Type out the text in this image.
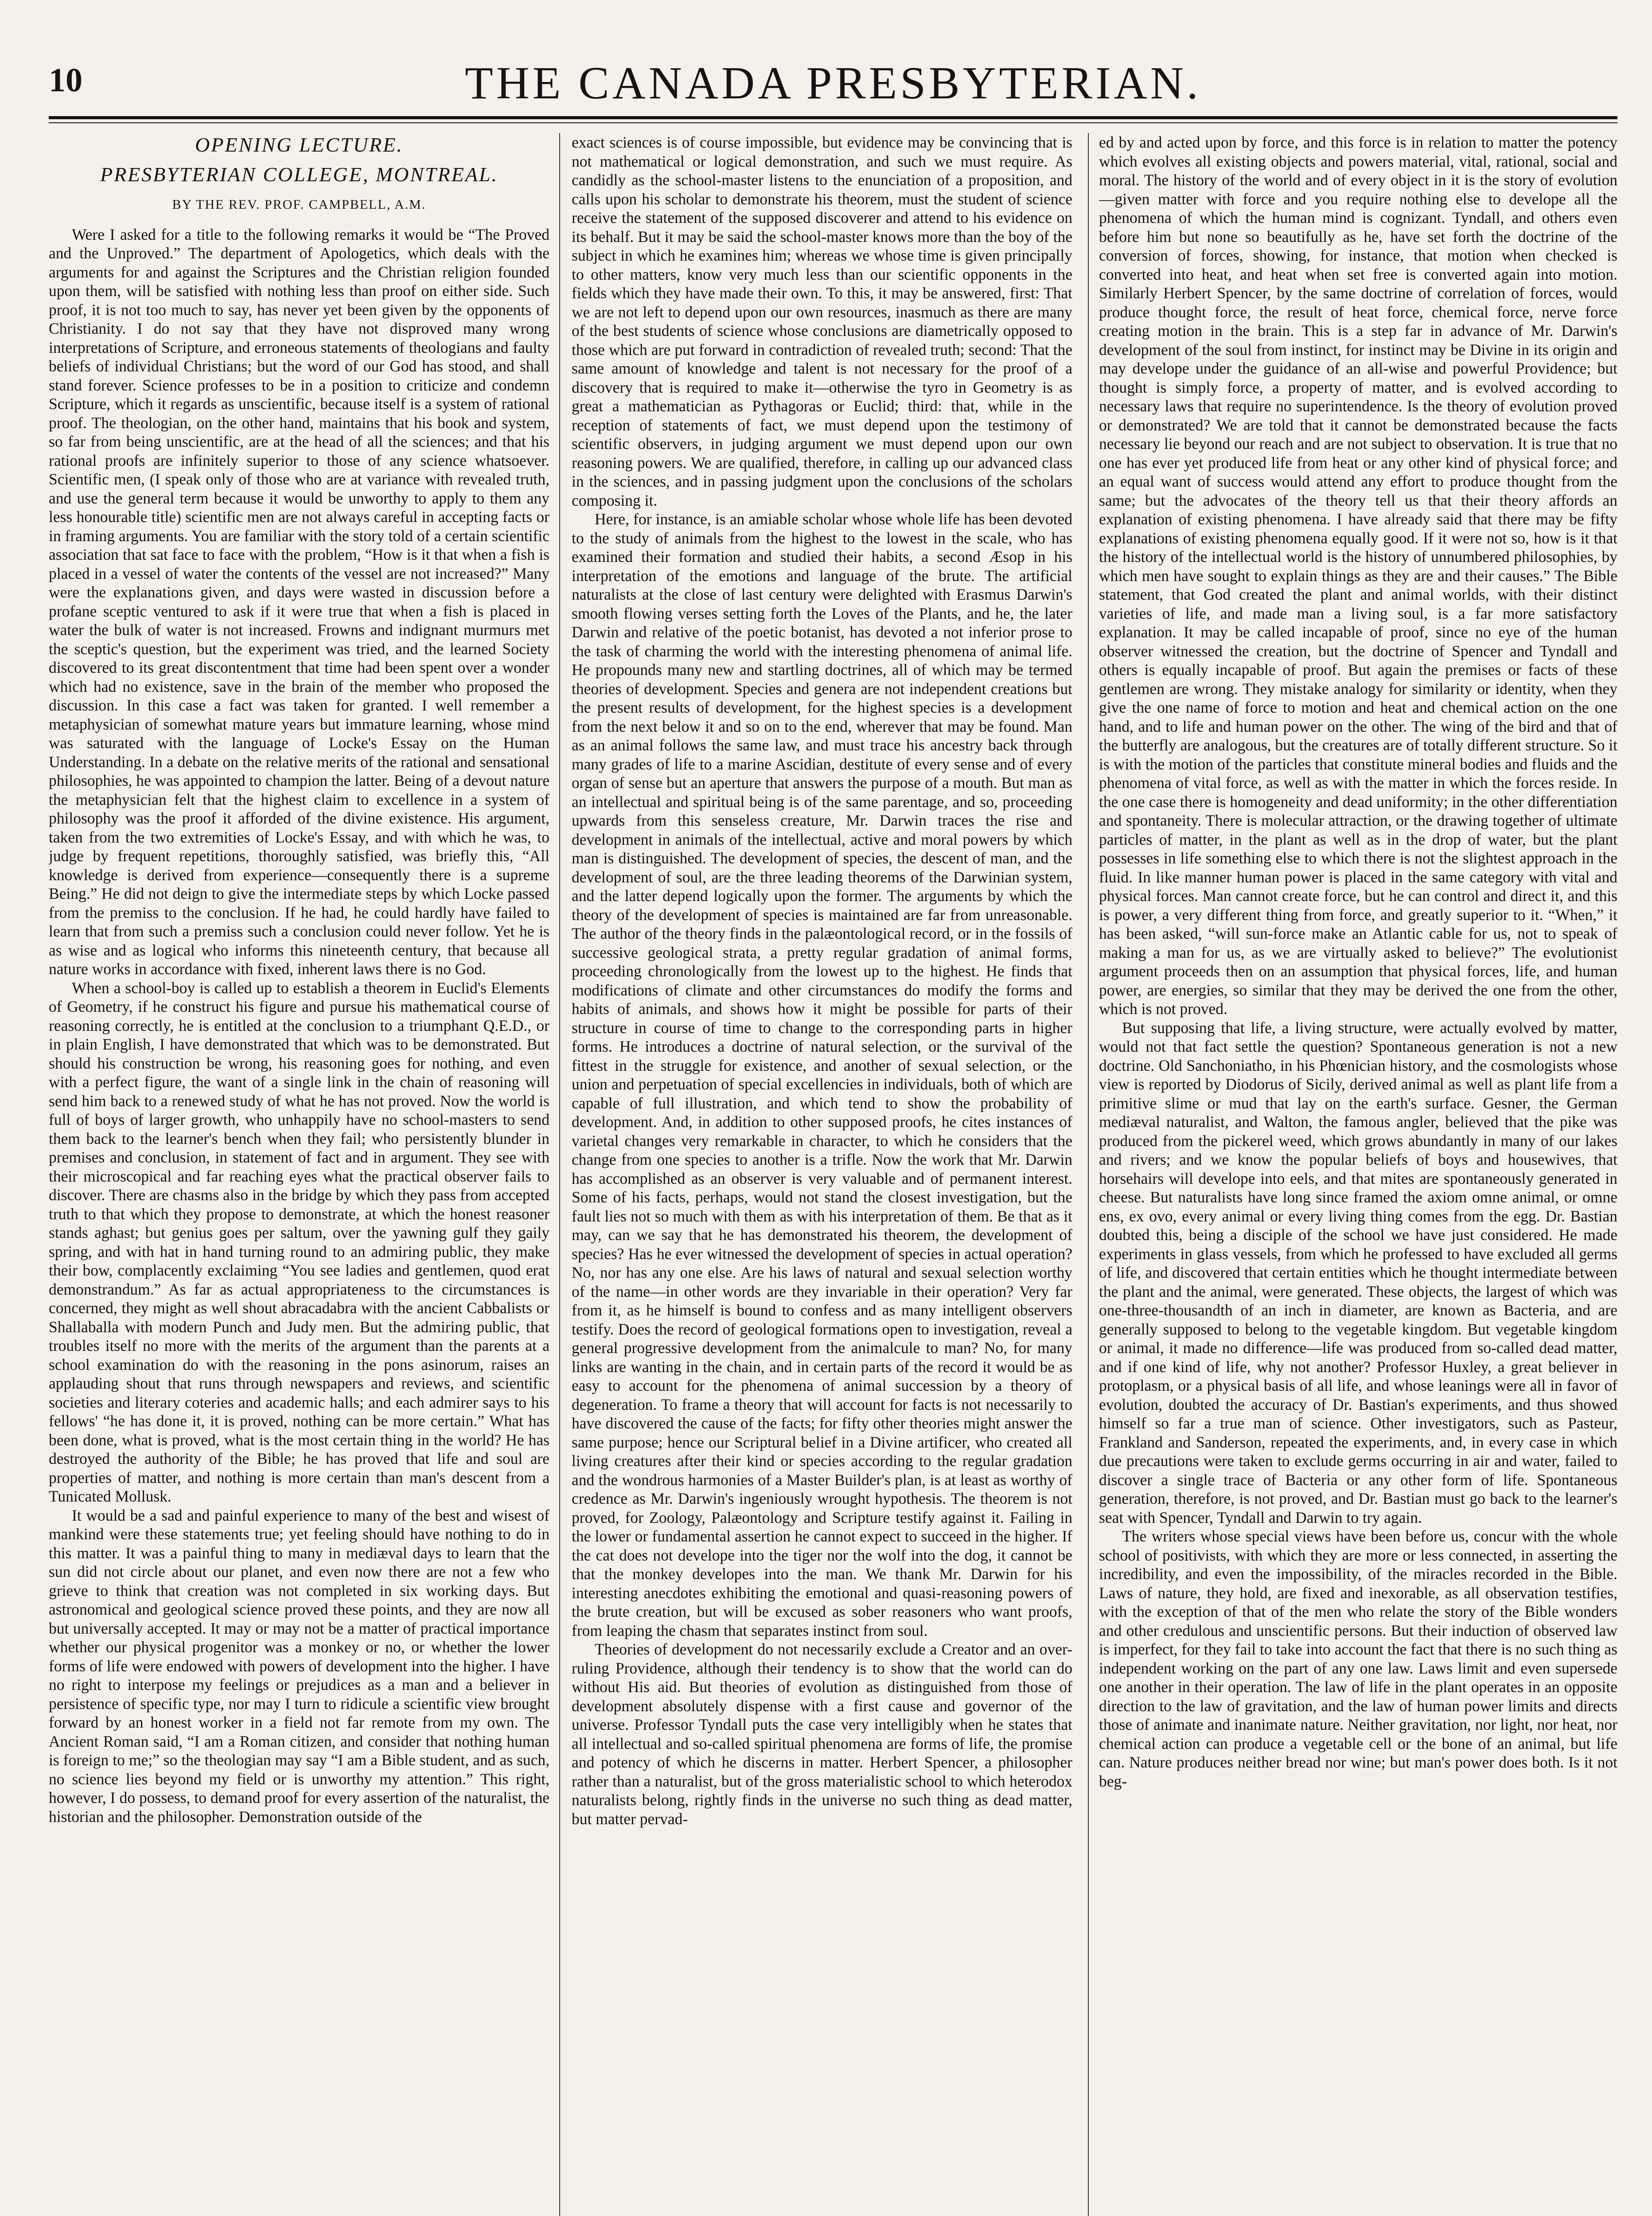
10	THE CANADA PRESBYTERIAN.
OPENING LECTURE.
PRESBYTERIAN COLLEGE, MONTREAL.
BY THE REV. PROF. CAMPBELL, A.M.

Were I asked for a title to the following remarks it would be “The Proved and the Unproved.” The department of Apologetics, which deals with the arguments for and against the Scriptures and the Christian religion founded upon them, will be satisfied with nothing less than proof on either side. Such proof, it is not too much to say, has never yet been given by the opponents of Christianity. I do not say that they have not disproved many wrong interpretations of Scripture, and erroneous statements of theologians and faulty beliefs of individual Christians; but the word of our God has stood, and shall stand forever. Science professes to be in a position to criticize and condemn Scripture, which it regards as unscientific, because itself is a system of rational proof. The theologian, on the other hand, maintains that his book and system, so far from being unscientific, are at the head of all the sciences; and that his rational proofs are infinitely superior to those of any science whatsoever. Scientific men, (I speak only of those who are at variance with revealed truth, and use the general term because it would be unworthy to apply to them any less honourable title) scientific men are not always careful in accepting facts or in framing arguments. You are familiar with the story told of a certain scientific association that sat face to face with the problem, “How is it that when a fish is placed in a vessel of water the contents of the vessel are not increased?” Many were the explanations given, and days were wasted in discussion before a profane sceptic ventured to ask if it were true that when a fish is placed in water the bulk of water is not increased. Frowns and indignant murmurs met the sceptic's question, but the experiment was tried, and the learned Society discovered to its great discontentment that time had been spent over a wonder which had no existence, save in the brain of the member who proposed the discussion. In this case a fact was taken for granted. I well remember a metaphysician of somewhat mature years but immature learning, whose mind was saturated with the language of Locke's Essay on the Human Understanding. In a debate on the relative merits of the rational and sensational philosophies, he was appointed to champion the latter. Being of a devout nature the metaphysician felt that the highest claim to excellence in a system of philosophy was the proof it afforded of the divine existence. His argument, taken from the two extremities of Locke's Essay, and with which he was, to judge by frequent repetitions, thoroughly satisfied, was briefly this, “All knowledge is derived from experience—consequently there is a supreme Being.” He did not deign to give the intermediate steps by which Locke passed from the premiss to the conclusion. If he had, he could hardly have failed to learn that from such a premiss such a conclusion could never follow. Yet he is as wise and as logical who informs this nineteenth century, that because all nature works in accordance with fixed, inherent laws there is no God.

When a school-boy is called up to establish a theorem in Euclid's Elements of Geometry, if he construct his figure and pursue his mathematical course of reasoning correctly, he is entitled at the conclusion to a triumphant Q.E.D., or in plain English, I have demonstrated that which was to be demonstrated. But should his construction be wrong, his reasoning goes for nothing, and even with a perfect figure, the want of a single link in the chain of reasoning will send him back to a renewed study of what he has not proved. Now the world is full of boys of larger growth, who unhappily have no school-masters to send them back to the learner's bench when they fail; who persistently blunder in premises and conclusion, in statement of fact and in argument. They see with their microscopical and far reaching eyes what the practical observer fails to discover. There are chasms also in the bridge by which they pass from accepted truth to that which they propose to demonstrate, at which the honest reasoner stands aghast; but genius goes per saltum, over the yawning gulf they gaily spring, and with hat in hand turning round to an admiring public, they make their bow, complacently exclaiming “You see ladies and gentlemen, quod erat demonstrandum.” As far as actual appropriateness to the circumstances is concerned, they might as well shout abracadabra with the ancient Cabbalists or Shallaballa with modern Punch and Judy men. But the admiring public, that troubles itself no more with the merits of the argument than the parents at a school examination do with the reasoning in the pons asinorum, raises an applauding shout that runs through newspapers and reviews, and scientific societies and literary coteries and academic halls; and each admirer says to his fellows' “he has done it, it is proved, nothing can be more certain.” What has been done, what is proved, what is the most certain thing in the world? He has destroyed the authority of the Bible; he has proved that life and soul are properties of matter, and nothing is more certain than man's descent from a Tunicated Mollusk.

It would be a sad and painful experience to many of the best and wisest of mankind were these statements true; yet feeling should have nothing to do in this matter. It was a painful thing to many in mediæval days to learn that the sun did not circle about our planet, and even now there are not a few who grieve to think that creation was not completed in six working days. But astronomical and geological science proved these points, and they are now all but universally accepted. It may or may not be a matter of practical importance whether our physical progenitor was a monkey or no, or whether the lower forms of life were endowed with powers of development into the higher. I have no right to interpose my feelings or prejudices as a man and a believer in persistence of specific type, nor may I turn to ridicule a scientific view brought forward by an honest worker in a field not far remote from my own. The Ancient Roman said, “I am a Roman citizen, and consider that nothing human is foreign to me;” so the theologian may say “I am a Bible student, and as such, no science lies beyond my field or is unworthy my attention.” This right, however, I do possess, to demand proof for every assertion of the naturalist, the historian and the philosopher. Demonstration outside of the

exact sciences is of course impossible, but evidence may be convincing that is not mathematical or logical demonstration, and such we must require. As candidly as the school-master listens to the enunciation of a proposition, and calls upon his scholar to demonstrate his theorem, must the student of science receive the statement of the supposed discoverer and attend to his evidence on its behalf. But it may be said the school-master knows more than the boy of the subject in which he examines him; whereas we whose time is given principally to other matters, know very much less than our scientific opponents in the fields which they have made their own. To this, it may be answered, first: That we are not left to depend upon our own resources, inasmuch as there are many of the best students of science whose conclusions are diametrically opposed to those which are put forward in contradiction of revealed truth; second: That the same amount of knowledge and talent is not necessary for the proof of a discovery that is required to make it—otherwise the tyro in Geometry is as great a mathematician as Pythagoras or Euclid; third: that, while in the reception of statements of fact, we must depend upon the testimony of scientific observers, in judging argument we must depend upon our own reasoning powers. We are qualified, therefore, in calling up our advanced class in the sciences, and in passing judgment upon the conclusions of the scholars composing it.

Here, for instance, is an amiable scholar whose whole life has been devoted to the study of animals from the highest to the lowest in the scale, who has examined their formation and studied their habits, a second Æsop in his interpretation of the emotions and language of the brute. The artificial naturalists at the close of last century were delighted with Erasmus Darwin's smooth flowing verses setting forth the Loves of the Plants, and he, the later Darwin and relative of the poetic botanist, has devoted a not inferior prose to the task of charming the world with the interesting phenomena of animal life. He propounds many new and startling doctrines, all of which may be termed theories of development. Species and genera are not independent creations but the present results of development, for the highest species is a development from the next below it and so on to the end, wherever that may be found. Man as an animal follows the same law, and must trace his ancestry back through many grades of life to a marine Ascidian, destitute of every sense and of every organ of sense but an aperture that answers the purpose of a mouth. But man as an intellectual and spiritual being is of the same parentage, and so, proceeding upwards from this senseless creature, Mr. Darwin traces the rise and development in animals of the intellectual, active and moral powers by which man is distinguished. The development of species, the descent of man, and the development of soul, are the three leading theorems of the Darwinian system, and the latter depend logically upon the former. The arguments by which the theory of the development of species is maintained are far from unreasonable. The author of the theory finds in the palæontological record, or in the fossils of successive geological strata, a pretty regular gradation of animal forms, proceeding chronologically from the lowest up to the highest. He finds that modifications of climate and other circumstances do modify the forms and habits of animals, and shows how it might be possible for parts of their structure in course of time to change to the corresponding parts in higher forms. He introduces a doctrine of natural selection, or the survival of the fittest in the struggle for existence, and another of sexual selection, or the union and perpetuation of special excellencies in individuals, both of which are capable of full illustration, and which tend to show the probability of development. And, in addition to other supposed proofs, he cites instances of varietal changes very remarkable in character, to which he considers that the change from one species to another is a trifle. Now the work that Mr. Darwin has accomplished as an observer is very valuable and of permanent interest. Some of his facts, perhaps, would not stand the closest investigation, but the fault lies not so much with them as with his interpretation of them. Be that as it may, can we say that he has demonstrated his theorem, the development of species? Has he ever witnessed the development of species in actual operation? No, nor has any one else. Are his laws of natural and sexual selection worthy of the name—in other words are they invariable in their operation? Very far from it, as he himself is bound to confess and as many intelligent observers testify. Does the record of geological formations open to investigation, reveal a general progressive development from the animalcule to man? No, for many links are wanting in the chain, and in certain parts of the record it would be as easy to account for the phenomena of animal succession by a theory of degeneration. To frame a theory that will account for facts is not necessarily to have discovered the cause of the facts; for fifty other theories might answer the same purpose; hence our Scriptural belief in a Divine artificer, who created all living creatures after their kind or species according to the regular gradation and the wondrous harmonies of a Master Builder's plan, is at least as worthy of credence as Mr. Darwin's ingeniously wrought hypothesis. The theorem is not proved, for Zoology, Palæontology and Scripture testify against it. Failing in the lower or fundamental assertion he cannot expect to succeed in the higher. If the cat does not develope into the tiger nor the wolf into the dog, it cannot be that the monkey developes into the man. We thank Mr. Darwin for his interesting anecdotes exhibiting the emotional and quasi-reasoning powers of the brute creation, but will be excused as sober reasoners who want proofs, from leaping the chasm that separates instinct from soul.

Theories of development do not necessarily exclude a Creator and an over-ruling Providence, although their tendency is to show that the world can do without His aid. But theories of evolution as distinguished from those of development absolutely dispense with a first cause and governor of the universe. Professor Tyndall puts the case very intelligibly when he states that all intellectual and so-called spiritual phenomena are forms of life, the promise and potency of which he discerns in matter. Herbert Spencer, a philosopher rather than a naturalist, but of the gross materialistic school to which heterodox naturalists belong, rightly finds in the universe no such thing as dead matter, but matter pervad-

ed by and acted upon by force, and this force is in relation to matter the potency which evolves all existing objects and powers material, vital, rational, social and moral. The history of the world and of every object in it is the story of evolution—given matter with force and you require nothing else to develope all the phenomena of which the human mind is cognizant. Tyndall, and others even before him but none so beautifully as he, have set forth the doctrine of the conversion of forces, showing, for instance, that motion when checked is converted into heat, and heat when set free is converted again into motion. Similarly Herbert Spencer, by the same doctrine of correlation of forces, would produce thought force, the result of heat force, chemical force, nerve force creating motion in the brain. This is a step far in advance of Mr. Darwin's development of the soul from instinct, for instinct may be Divine in its origin and may develope under the guidance of an all-wise and powerful Providence; but thought is simply force, a property of matter, and is evolved according to necessary laws that require no superintendence. Is the theory of evolution proved or demonstrated? We are told that it cannot be demonstrated because the facts necessary lie beyond our reach and are not subject to observation. It is true that no one has ever yet produced life from heat or any other kind of physical force; and an equal want of success would attend any effort to produce thought from the same; but the advocates of the theory tell us that their theory affords an explanation of existing phenomena. I have already said that there may be fifty explanations of existing phenomena equally good. If it were not so, how is it that the history of the intellectual world is the history of unnumbered philosophies, by which men have sought to explain things as they are and their causes.” The Bible statement, that God created the plant and animal worlds, with their distinct varieties of life, and made man a living soul, is a far more satisfactory explanation. It may be called incapable of proof, since no eye of the human observer witnessed the creation, but the doctrine of Spencer and Tyndall and others is equally incapable of proof. But again the premises or facts of these gentlemen are wrong. They mistake analogy for similarity or identity, when they give the one name of force to motion and heat and chemical action on the one hand, and to life and human power on the other. The wing of the bird and that of the butterfly are analogous, but the creatures are of totally different structure. So it is with the motion of the particles that constitute mineral bodies and fluids and the phenomena of vital force, as well as with the matter in which the forces reside. In the one case there is homogeneity and dead uniformity; in the other differentiation and spontaneity. There is molecular attraction, or the drawing together of ultimate particles of matter, in the plant as well as in the drop of water, but the plant possesses in life something else to which there is not the slightest approach in the fluid. In like manner human power is placed in the same category with vital and physical forces. Man cannot create force, but he can control and direct it, and this is power, a very different thing from force, and greatly superior to it. “When,” it has been asked, “will sun-force make an Atlantic cable for us, not to speak of making a man for us, as we are virtually asked to believe?” The evolutionist argument proceeds then on an assumption that physical forces, life, and human power, are energies, so similar that they may be derived the one from the other, which is not proved.

But supposing that life, a living structure, were actually evolved by matter, would not that fact settle the question? Spontaneous generation is not a new doctrine. Old Sanchoniatho, in his Phœnician history, and the cosmologists whose view is reported by Diodorus of Sicily, derived animal as well as plant life from a primitive slime or mud that lay on the earth's surface. Gesner, the German mediæval naturalist, and Walton, the famous angler, believed that the pike was produced from the pickerel weed, which grows abundantly in many of our lakes and rivers; and we know the popular beliefs of boys and housewives, that horsehairs will develope into eels, and that mites are spontaneously generated in cheese. But naturalists have long since framed the axiom omne animal, or omne ens, ex ovo, every animal or every living thing comes from the egg. Dr. Bastian doubted this, being a disciple of the school we have just considered. He made experiments in glass vessels, from which he professed to have excluded all germs of life, and discovered that certain entities which he thought intermediate between the plant and the animal, were generated. These objects, the largest of which was one-three-thousandth of an inch in diameter, are known as Bacteria, and are generally supposed to belong to the vegetable kingdom. But vegetable kingdom or animal, it made no difference—life was produced from so-called dead matter, and if one kind of life, why not another? Professor Huxley, a great believer in protoplasm, or a physical basis of all life, and whose leanings were all in favor of evolution, doubted the accuracy of Dr. Bastian's experiments, and thus showed himself so far a true man of science. Other investigators, such as Pasteur, Frankland and Sanderson, repeated the experiments, and, in every case in which due precautions were taken to exclude germs occurring in air and water, failed to discover a single trace of Bacteria or any other form of life. Spontaneous generation, therefore, is not proved, and Dr. Bastian must go back to the learner's seat with Spencer, Tyndall and Darwin to try again.

The writers whose special views have been before us, concur with the whole school of positivists, with which they are more or less connected, in asserting the incredibility, and even the impossibility, of the miracles recorded in the Bible. Laws of nature, they hold, are fixed and inexorable, as all observation testifies, with the exception of that of the men who relate the story of the Bible wonders and other credulous and unscientific persons. But their induction of observed law is imperfect, for they fail to take into account the fact that there is no such thing as independent working on the part of any one law. Laws limit and even supersede one another in their operation. The law of life in the plant operates in an opposite direction to the law of gravitation, and the law of human power limits and directs those of animate and inanimate nature. Neither gravitation, nor light, nor heat, nor chemical action can produce a vegetable cell or the bone of an animal, but life can. Nature produces neither bread nor wine; but man's power does both. Is it not beg-
